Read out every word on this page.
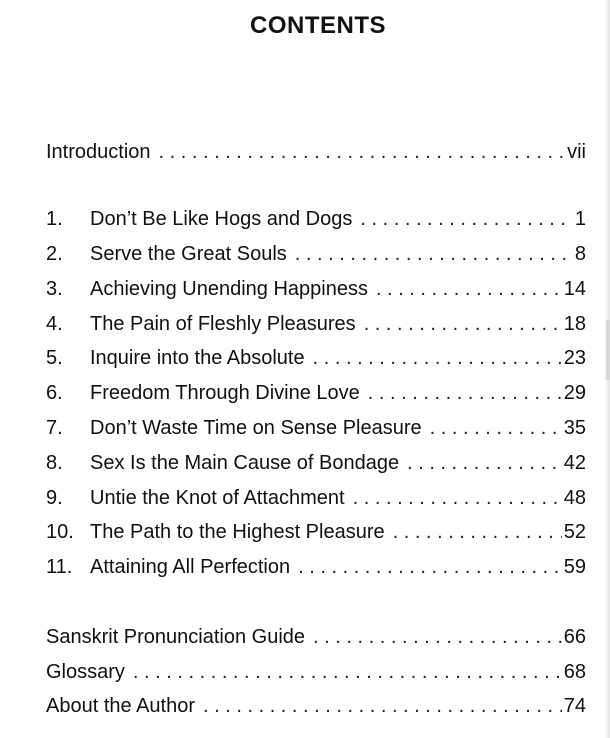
CONTENTS
Introduction . . .	vii
1.	Don’t Be Like Hogs and Dogs . . .	1
2.	Serve the Great Souls . . .	8
3.	Achieving Unending Happiness . . .	14
4.	The Pain of Fleshly Pleasures . . .	18
5.	Inquire into the Absolute . . .	23
6.	Freedom Through Divine Love . . .	29
7.	Don’t Waste Time on Sense Pleasure . . .	35
8.	Sex Is the Main Cause of Bondage . . .	42
9.	Untie the Knot of Attachment . . .	48
10. The Path to the Highest Pleasure . . .	52
11. Attaining All Perfection . . .	59
Sanskrit Pronunciation Guide . . .	66
Glossary . . .	68
About the Author . . .	74
